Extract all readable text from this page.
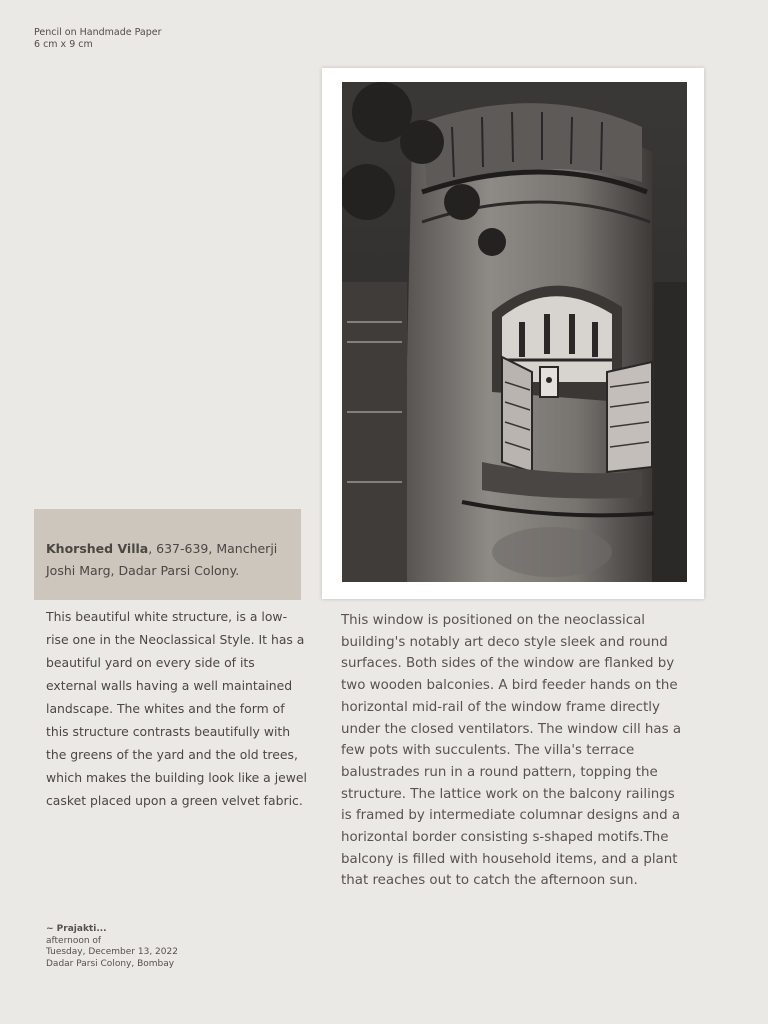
Pencil on Handmade Paper
6 cm x 9 cm
Khorshed Villa, 637-639, Mancherji Joshi Marg, Dadar Parsi Colony.
This beautiful white structure, is a low-rise one in the Neoclassical Style. It has a beautiful yard on every side of its external walls having a well maintained landscape. The whites and the form of this structure contrasts beautifully with the greens of the yard and the old trees, which makes the building look like a jewel casket placed upon a green velvet fabric.
This window is positioned on the neoclassical building's notably art deco style sleek and round surfaces. Both sides of the window are flanked by two wooden balconies. A bird feeder hands on the horizontal mid-rail of the window frame directly under the closed ventilators. The window cill has a few pots with succulents. The villa's terrace balustrades run in a round pattern, topping the structure. The lattice work on the balcony railings is framed by intermediate columnar designs and a horizontal border consisting s-shaped motifs.The balcony is filled with household items, and a plant that reaches out to catch the afternoon sun.
~ Prajakti...
afternoon of
Tuesday, December 13, 2022
Dadar Parsi Colony, Bombay
